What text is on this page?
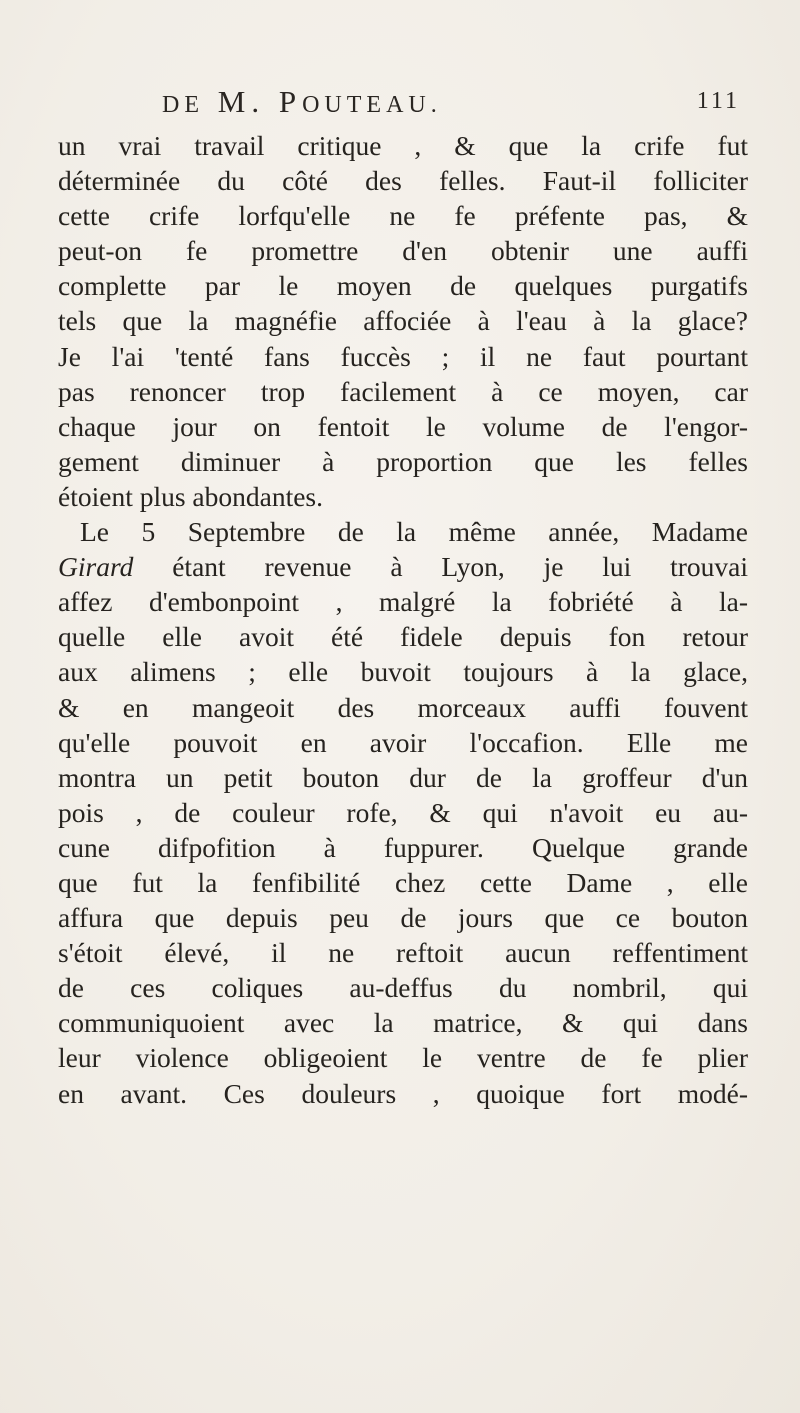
DE M. POUTEAU.	111
un vrai travail critique , & que la crife fut
déterminée du côté des felles. Faut-il folliciter
cette crife lorfqu'elle ne fe préfente pas, &
peut-on fe promettre d'en obtenir une auffi
complette par le moyen de quelques purgatifs
tels que la magnéfie affociée à l'eau à la glace?
Je l'ai 'tenté fans fuccès ; il ne faut pourtant
pas renoncer trop facilement à ce moyen, car
chaque jour on fentoit le volume de l'engor-
gement diminuer à proportion que les felles
étoient plus abondantes.
Le 5 Septembre de la même année, Madame
Girard étant revenue à Lyon, je lui trouvai
affez d'embonpoint , malgré la fobriété à la-
quelle elle avoit été fidele depuis fon retour
aux alimens ; elle buvoit toujours à la glace,
& en mangeoit des morceaux auffi fouvent
qu'elle pouvoit en avoir l'occafion. Elle me
montra un petit bouton dur de la groffeur d'un
pois , de couleur rofe, & qui n'avoit eu au-
cune difpofition à fuppurer. Quelque grande
que fut la fenfibilité chez cette Dame , elle
affura que depuis peu de jours que ce bouton
s'étoit élevé, il ne reftoit aucun reffentiment
de ces coliques au-deffus du nombril, qui
communiquoient avec la matrice, & qui dans
leur violence obligeoient le ventre de fe plier
en avant. Ces douleurs , quoique fort modé-
